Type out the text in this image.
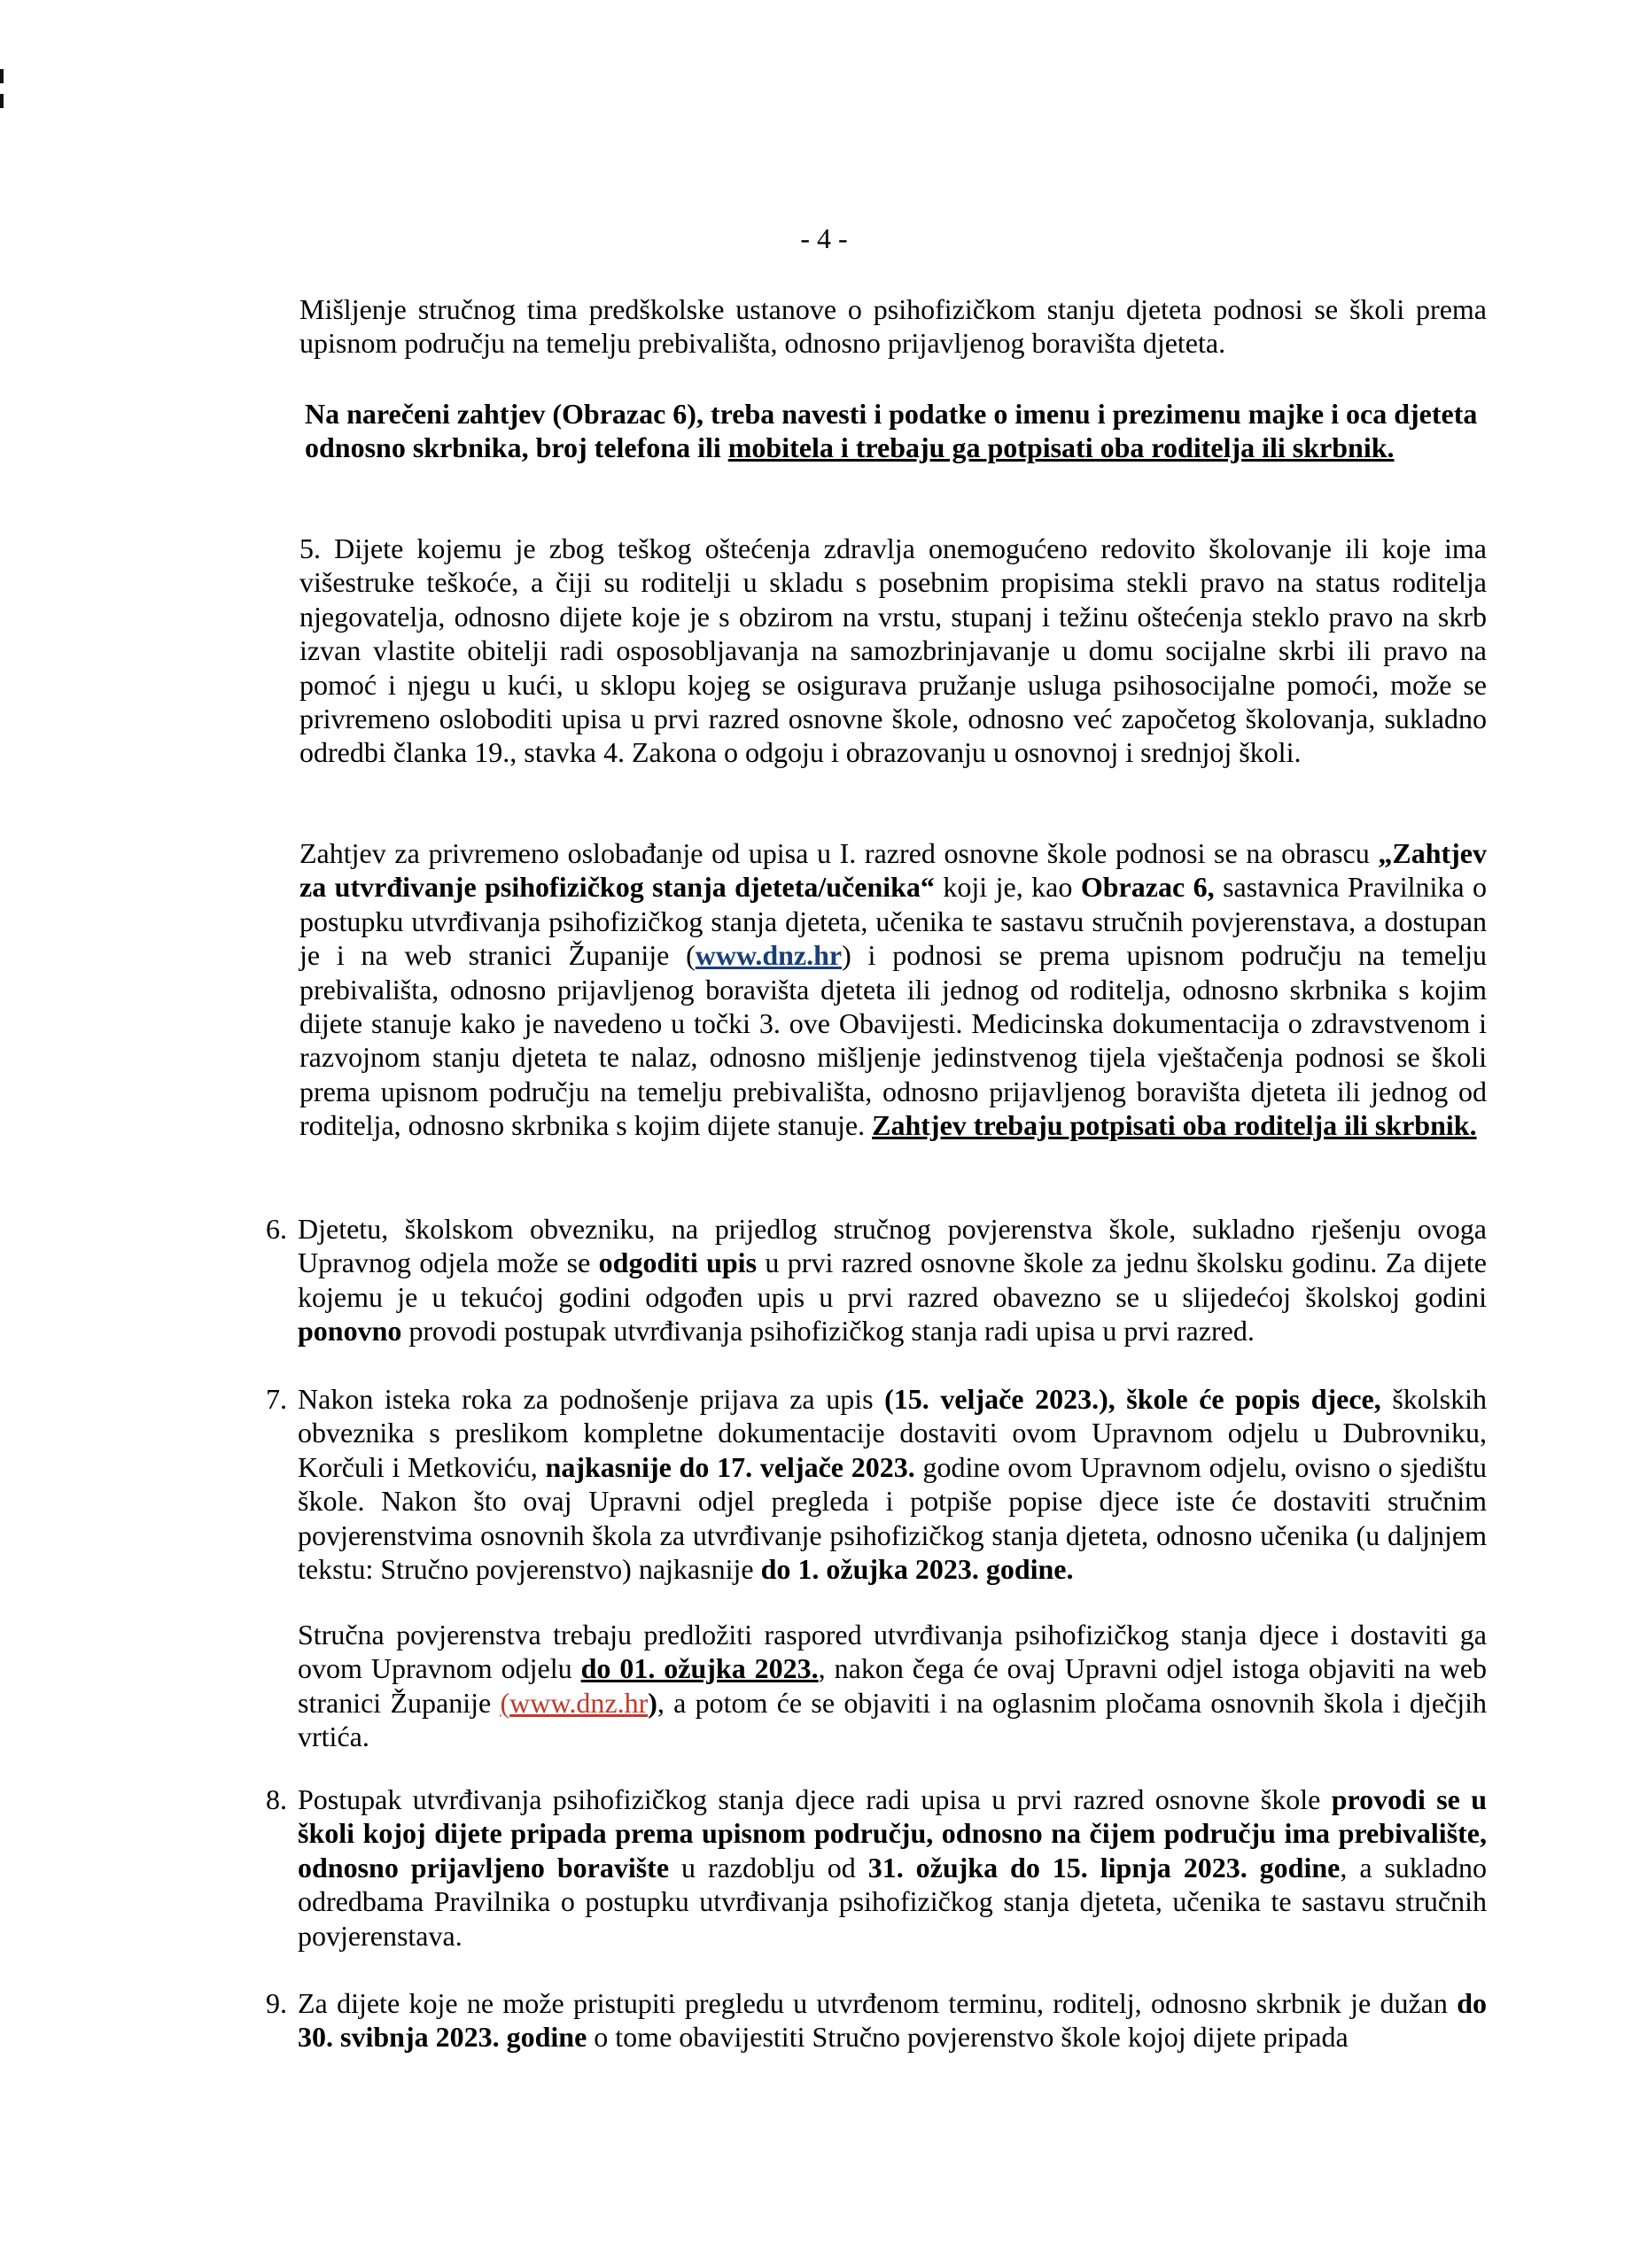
- 4 -
Mišljenje stručnog tima predškolske ustanove o psihofizičkom stanju djeteta podnosi se školi prema upisnom području na temelju prebivališta, odnosno prijavljenog boravišta djeteta.
Na narečeni zahtjev (Obrazac 6), treba navesti i podatke o imenu i prezimenu majke i oca djeteta odnosno skrbnika, broj telefona ili mobitela i trebaju ga potpisati oba roditelja ili skrbnik.
5. Dijete kojemu je zbog teškog oštećenja zdravlja onemogućeno redovito školovanje ili koje ima višestruke teškoće, a čiji su roditelji u skladu s posebnim propisima stekli pravo na status roditelja njegovatelja, odnosno dijete koje je s obzirom na vrstu, stupanj i težinu oštećenja steklo pravo na skrb izvan vlastite obitelji radi osposobljavanja na samozbrinjavanje u domu socijalne skrbi ili pravo na pomoć i njegu u kući, u sklopu kojeg se osigurava pružanje usluga psihosocijalne pomoći, može se privremeno osloboditi upisa u prvi razred osnovne škole, odnosno već započetog školovanja, sukladno odredbi članka 19., stavka 4. Zakona o odgoju i obrazovanju u osnovnoj i srednjoj školi.
Zahtjev za privremeno oslobađanje od upisa u I. razred osnovne škole podnosi se na obrascu „Zahtjev za utvrđivanje psihofizičkog stanja djeteta/učenika“ koji je, kao Obrazac 6, sastavnica Pravilnika o postupku utvrđivanja psihofizičkog stanja djeteta, učenika te sastavu stručnih povjerenstava, a dostupan je i na web stranici Županije (www.dnz.hr) i podnosi se prema upisnom području na temelju prebivališta, odnosno prijavljenog boravišta djeteta ili jednog od roditelja, odnosno skrbnika s kojim dijete stanuje kako je navedeno u točki 3. ove Obavijesti. Medicinska dokumentacija o zdravstvenom i razvojnom stanju djeteta te nalaz, odnosno mišljenje jedinstvenog tijela vještačenja podnosi se školi prema upisnom području na temelju prebivališta, odnosno prijavljenog boravišta djeteta ili jednog od roditelja, odnosno skrbnika s kojim dijete stanuje. Zahtjev trebaju potpisati oba roditelja ili skrbnik.
6. Djetetu, školskom obvezniku, na prijedlog stručnog povjerenstva škole, sukladno rješenju ovoga Upravnog odjela može se odgoditi upis u prvi razred osnovne škole za jednu školsku godinu. Za dijete kojemu je u tekućoj godini odgođen upis u prvi razred obavezno se u slijedećoj školskoj godini ponovno provodi postupak utvrđivanja psihofizičkog stanja radi upisa u prvi razred.
7. Nakon isteka roka za podnošenje prijava za upis (15. veljače 2023.), škole će popis djece, školskih obveznika s preslikom kompletne dokumentacije dostaviti ovom Upravnom odjelu u Dubrovniku, Korčuli i Metkoviću, najkasnije do 17. veljače 2023. godine ovom Upravnom odjelu, ovisno o sjedištu škole. Nakon što ovaj Upravni odjel pregleda i potpiše popise djece iste će dostaviti stručnim povjerenstvima osnovnih škola za utvrđivanje psihofizičkog stanja djeteta, odnosno učenika (u daljnjem tekstu: Stručno povjerenstvo) najkasnije do 1. ožujka 2023. godine.
Stručna povjerenstva trebaju predložiti raspored utvrđivanja psihofizičkog stanja djece i dostaviti ga ovom Upravnom odjelu do 01. ožujka 2023., nakon čega će ovaj Upravni odjel istoga objaviti na web stranici Županije (www.dnz.hr), a potom će se objaviti i na oglasnim pločama osnovnih škola i dječjih vrtića.
8. Postupak utvrđivanja psihofizičkog stanja djece radi upisa u prvi razred osnovne škole provodi se u školi kojoj dijete pripada prema upisnom području, odnosno na čijem području ima prebivalište, odnosno prijavljeno boravište u razdoblju od 31. ožujka do 15. lipnja 2023. godine, a sukladno odredbama Pravilnika o postupku utvrđivanja psihofizičkog stanja djeteta, učenika te sastavu stručnih povjerenstava.
9. Za dijete koje ne može pristupiti pregledu u utvrđenom terminu, roditelj, odnosno skrbnik je dužan do 30. svibnja 2023. godine o tome obavijestiti Stručno povjerenstvo škole kojoj dijete pripada
